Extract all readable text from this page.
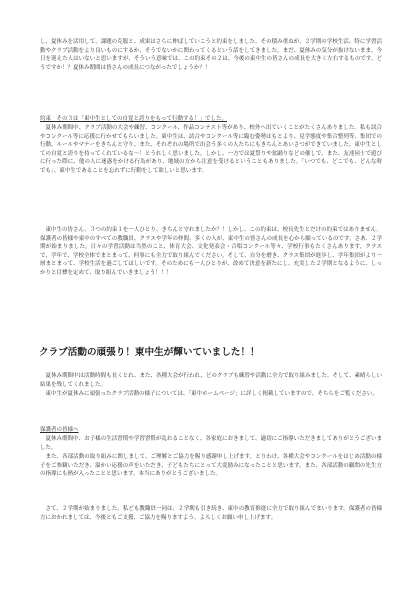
し、夏休みを活用して、課題の克服と、成果はさらに伸ばしていこうと約束をしました。その積み重ねが、２学期の学校生活、特に学習活動やクラブ活動をより良いものにするか、そうでないかに関わってくるという話をしてきました。まだ、夏休みの気分が抜けないまま、今日を迎えた人はいないと思いますが、そういう意味では、この約束その２は、今後の東中生の皆さんの成長を大きく左右するものです。どうですか！？夏休み期間は皆さんの成長につながったでしょうか？！

約束　その３は「東中生としての自覚と誇りをもって行動する！」でした。

夏休み期間中、クラブ活動の大会や練習、コンクール、作品コンテスト等があり、校外へ出ていくことがたくさんありました。私も試合やコンクール等に応援に行かせてもらいました。東中生は、試合やコンクール等に臨む姿勢はもとより、見学態度や集合整列等、集団での行動、ルールやマナーをきちんと守り、また、それぞれの場所で出会う多くの人たちにもきちんとあいさつができていました。東中生としての自覚と誇りを持ってくれているな～！とうれしく思いました。しかし、一方では夏祭りや盆踊りなどの催しで、また、友達同士で遊びに行った際に、他の人に迷惑をかける行為があり、地域の方から注意を受けるということもありました。「いつでも、どこでも、どんな時でも」、東中生であることを忘れずに行動をして欲しいと思います。

東中生の皆さん、３つの約束１を一人ひとり、きちんと守れましたか？！しかし、この約束は、校長先生とだけの約束ではありません。保護者の皆様や東中のすべての教職員、クラスや学年の仲間、多くの人が、東中生の皆さんの成長を心から願っているのです。さあ、２学期が始まりました。日々の学習活動は当然のこと、体育大会、文化発表会・合唱コンクール等々、学校行事もたくさんあります。クラスで、学年で、学校全体でまとまって、何事にも全力で取り組んでください。そして、自分を磨き、クラス集団が進歩し、学年集団がより一層まとまって、学校生活を過ごしてほしいです。そのためにも一人ひとりが、改めて決意を新たにし、充実した２学期となるように、しっかりと目標を定めて、取り組んでいきましょう！！！

クラブ活動の頑張り！東中生が輝いていました！！

夏休み期間中は活動時間も長くとれ、また、各種大会が行われ、どのクラブも練習や活動に全力で取り組みました。そして、素晴らしい結果を残してくれました。

東中生が夏休みに頑張ったクラブ活動の様子については、「東中ホームページ」に詳しく掲載していますので、そちらをご覧ください。

保護者の皆様へ

夏休み期間中、お子様の生活習慣や学習習慣が乱れることなく、各家庭におきまして、適切にご指導いただきましてありがとうございました。

また、各部活動の取り組みに関しまして、ご理解とご協力を賜り感謝申し上げます。とりわけ、各種大会やコンクールをはじめ活動の様子をご参観いただき、温かい応援の声をいただき、子どもたちにとって大変励みになったことと思います。また、各部活動の顧問の先生方の指導にも熱が入ったことと思います。本当にありがとうございました。

さて、２学期が始まりました。私ども教職員一同は、２学期も引き続き、東中の教育推進に全力で取り組んでまいります。保護者の皆様方におかれましては、今後ともご支援、ご協力を賜りますよう、よろしくお願い申し上げます。
